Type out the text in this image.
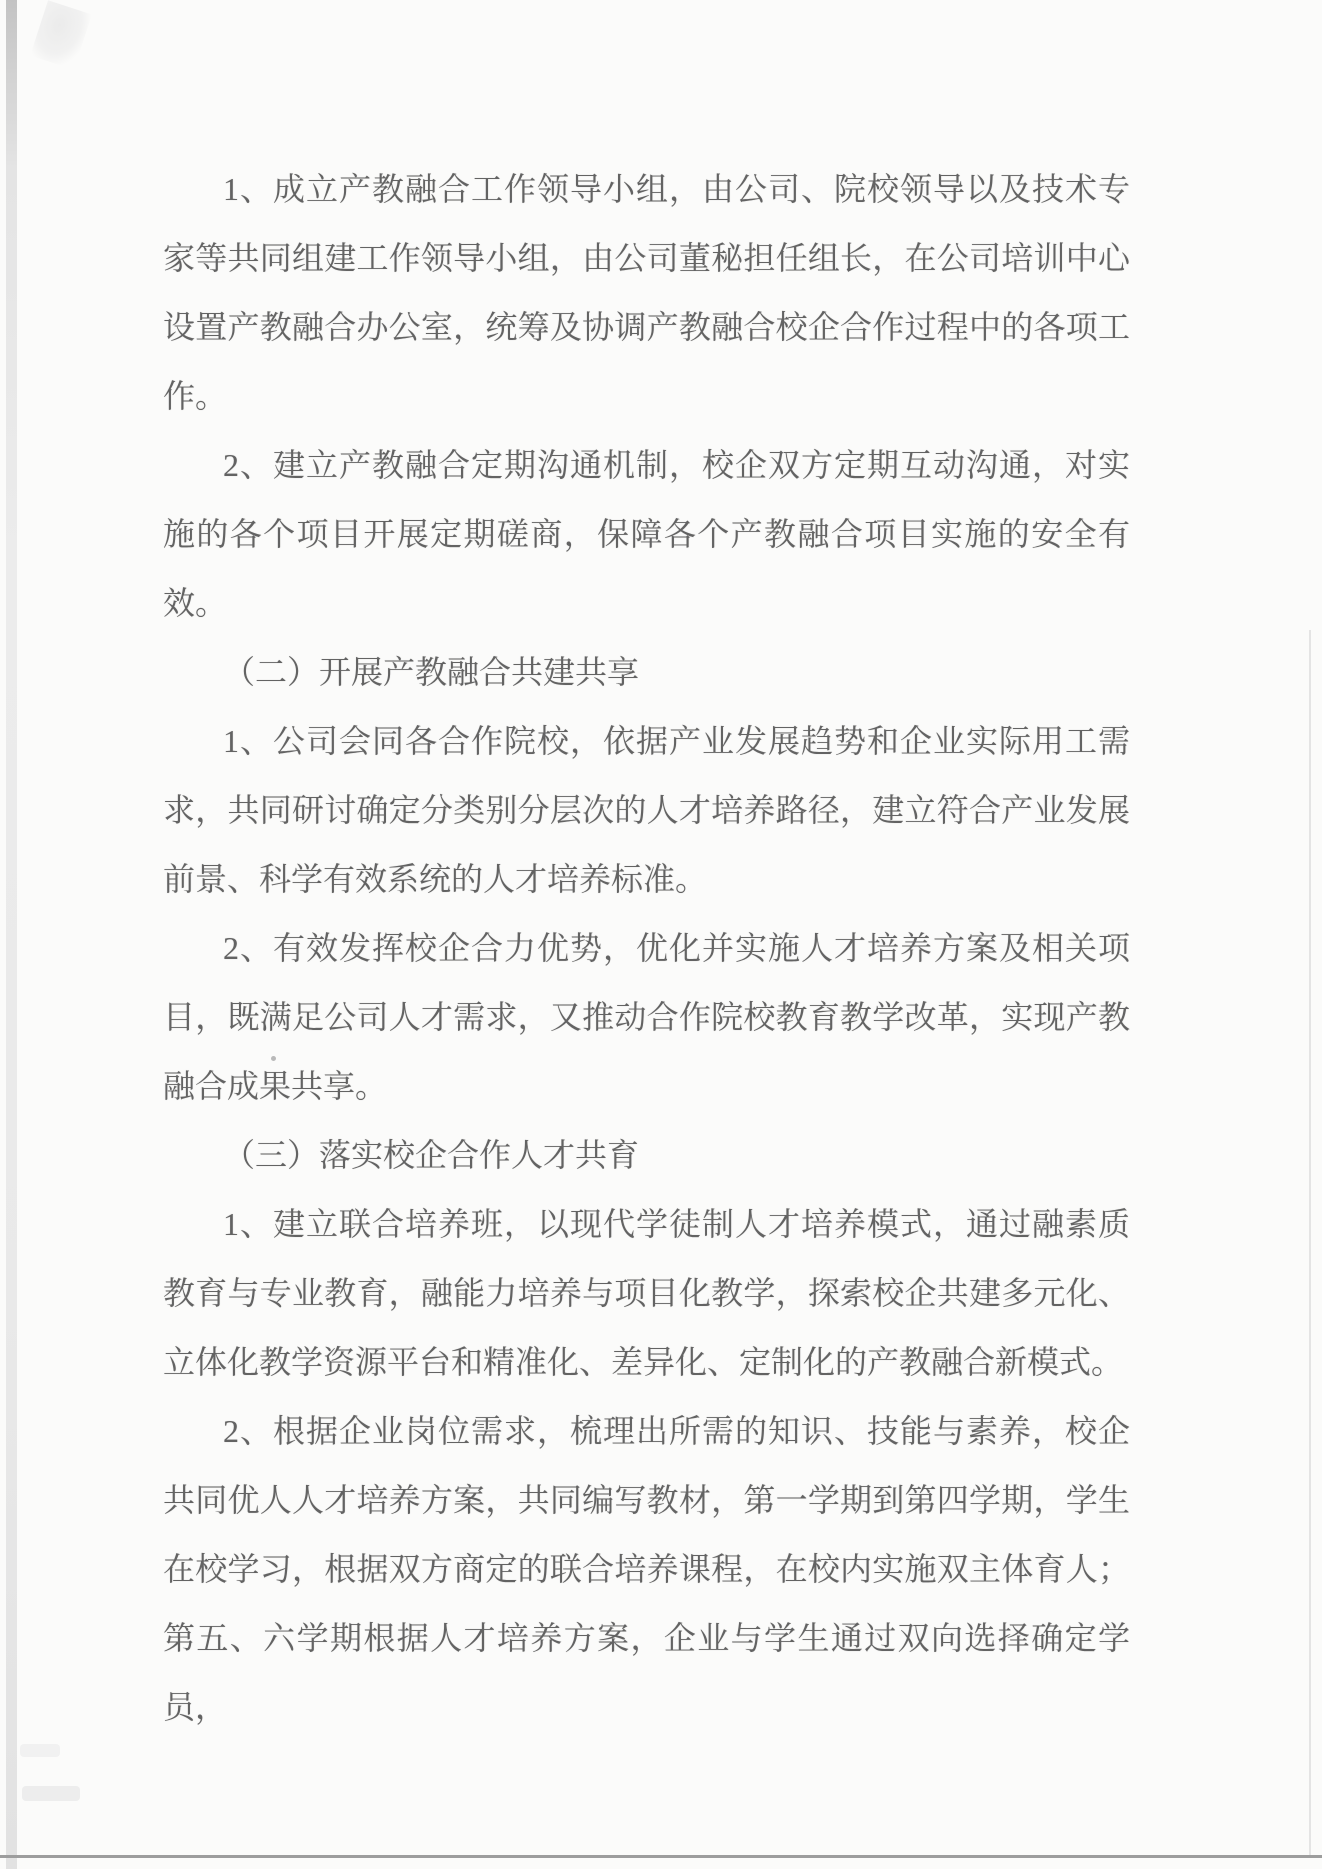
1、成立产教融合工作领导小组，由公司、院校领导以及技术专
家等共同组建工作领导小组，由公司董秘担任组长，在公司培训中心
设置产教融合办公室，统筹及协调产教融合校企合作过程中的各项工
作。
2、建立产教融合定期沟通机制，校企双方定期互动沟通，对实
施的各个项目开展定期磋商，保障各个产教融合项目实施的安全有
效。
（二）开展产教融合共建共享
1、公司会同各合作院校，依据产业发展趋势和企业实际用工需
求，共同研讨确定分类别分层次的人才培养路径，建立符合产业发展
前景、科学有效系统的人才培养标准。
2、有效发挥校企合力优势，优化并实施人才培养方案及相关项
目，既满足公司人才需求，又推动合作院校教育教学改革，实现产教
融合成果共享。
（三）落实校企合作人才共育
1、建立联合培养班，以现代学徒制人才培养模式，通过融素质
教育与专业教育，融能力培养与项目化教学，探索校企共建多元化、
立体化教学资源平台和精准化、差异化、定制化的产教融合新模式。
2、根据企业岗位需求，梳理出所需的知识、技能与素养，校企
共同优人人才培养方案，共同编写教材，第一学期到第四学期，学生
在校学习，根据双方商定的联合培养课程，在校内实施双主体育人；
第五、六学期根据人才培养方案，企业与学生通过双向选择确定学员，
